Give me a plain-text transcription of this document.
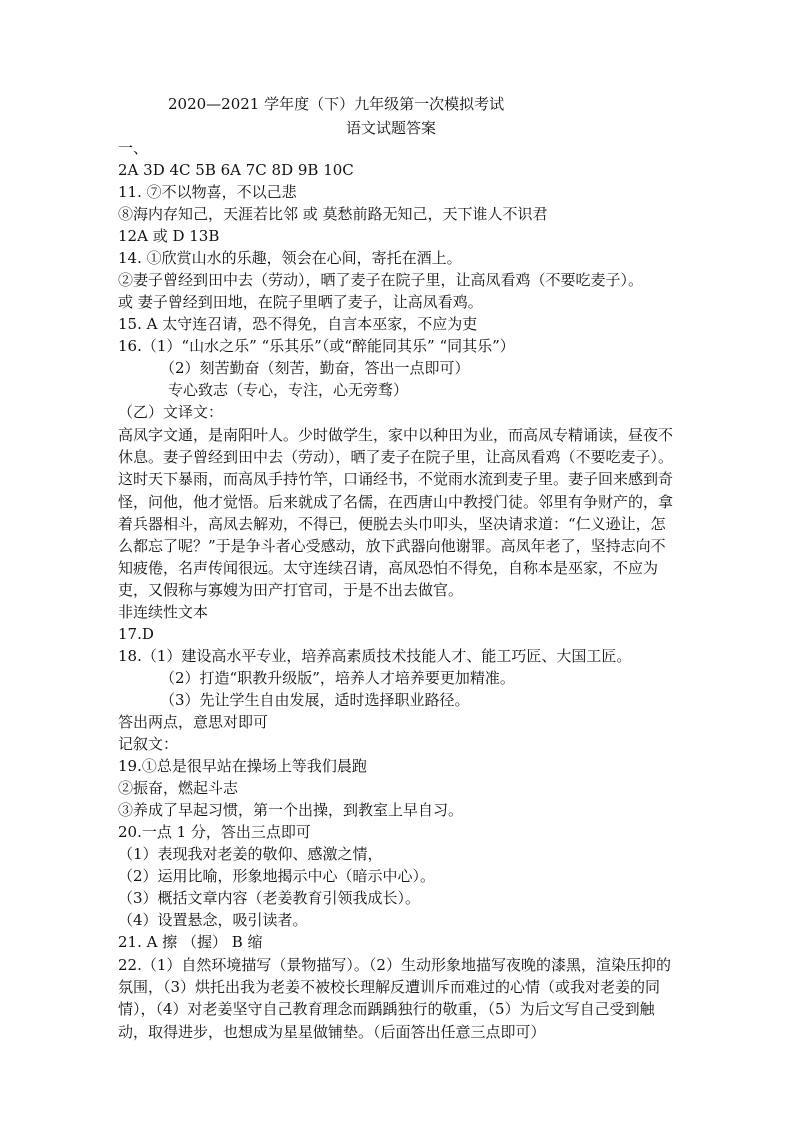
2020—2021 学年度（下）九年级第一次模拟考试
语文试题答案
一、
2A 3D 4C 5B 6A 7C 8D 9B 10C
11. ⑦不以物喜，不以己悲
⑧海内存知己，天涯若比邻 或 莫愁前路无知己，天下谁人不识君
12A 或 D 13B
14. ①欣赏山水的乐趣，领会在心间，寄托在酒上。
②妻子曾经到田中去（劳动），晒了麦子在院子里，让高凤看鸡（不要吃麦子）。
或 妻子曾经到田地，在院子里晒了麦子，让高凤看鸡。
15. A 太守连召请，恐不得免，自言本巫家，不应为吏
16.（1）“山水之乐” “乐其乐”（或“醉能同其乐” “同其乐”）
（2）刻苦勤奋（刻苦，勤奋，答出一点即可）
专心致志（专心，专注，心无旁骛）
（乙）文译文：
高凤字文通，是南阳叶人。少时做学生，家中以种田为业，而高凤专精诵读，昼夜不休息。妻子曾经到田中去（劳动），晒了麦子在院子里，让高凤看鸡（不要吃麦子）。这时天下暴雨，而高凤手持竹竿，口诵经书，不觉雨水流到麦子里。妻子回来感到奇怪，问他，他才觉悟。后来就成了名儒，在西唐山中教授门徒。邻里有争财产的，拿着兵器相斗，高凤去解劝，不得已，便脱去头巾叩头，坚决请求道：“仁义逊让，怎么都忘了呢？”于是争斗者心受感动，放下武器向他谢罪。高凤年老了，坚持志向不知疲倦，名声传闻很远。太守连续召请，高凤恐怕不得免，自称本是巫家，不应为吏，又假称与寡嫂为田产打官司，于是不出去做官。
非连续性文本
17.D
18.（1）建设高水平专业，培养高素质技术技能人才、能工巧匠、大国工匠。
（2）打造“职教升级版”，培养人才培养要更加精准。
（3）先让学生自由发展，适时选择职业路径。
答出两点，意思对即可
记叙文：
19.①总是很早站在操场上等我们晨跑
②振奋，燃起斗志
③养成了早起习惯，第一个出操，到教室上早自习。
20.一点 1 分，答出三点即可
（1）表现我对老姜的敬仰、感激之情，
（2）运用比喻，形象地揭示中心（暗示中心）。
（3）概括文章内容（老姜教育引领我成长）。
（4）设置悬念，吸引读者。
21. A 擦 （握） B 缩
22.（1）自然环境描写（景物描写）。（2）生动形象地描写夜晚的漆黑，渲染压抑的氛围，（3）烘托出我为老姜不被校长理解反遭训斥而难过的心情（或我对老姜的同情），（4）对老姜坚守自己教育理念而踽踽独行的敬重，（5）为后文写自己受到触动，取得进步，也想成为星星做铺垫。（后面答出任意三点即可）
